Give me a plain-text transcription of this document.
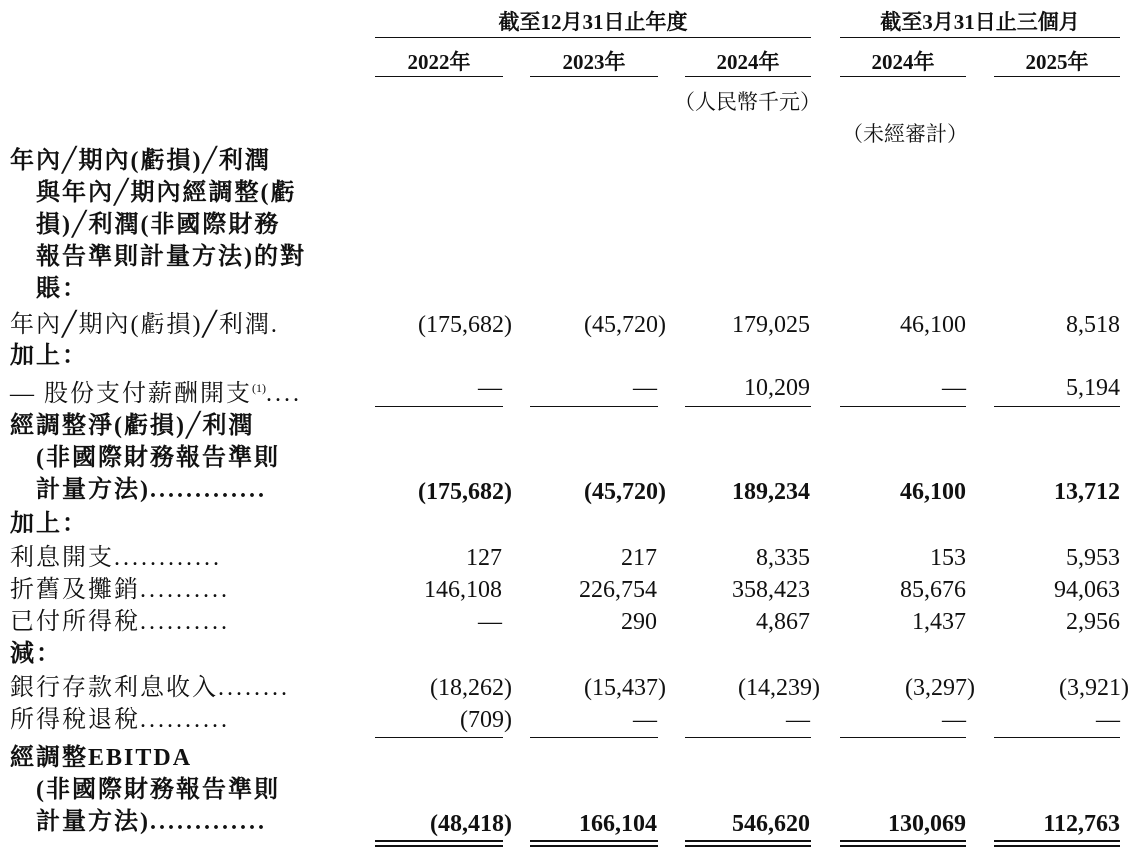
截至12月31日止年度	截至3月31日止三個月
2022年	2023年	2024年	2024年	2025年
（人民幣千元）
（未經審計）
年內╱期內(虧損)╱利潤
　與年內╱期內經調整(虧
　損)╱利潤(非國際財務
　報告準則計量方法)的對
　賬：
年內╱期內(虧損)╱利潤.	(175,682)	(45,720)	179,025	46,100	8,518
加上：
— 股份支付薪酬開支$^{(1)}$....	—	—	10,209	—	5,194
經調整淨(虧損)╱利潤
　(非國際財務報告準則
　計量方法).............	(175,682)	(45,720)	189,234	46,100	13,712
加上：
利息開支............	127	217	8,335	153	5,953
折舊及攤銷..........	146,108	226,754	358,423	85,676	94,063
已付所得稅..........	—	290	4,867	1,437	2,956
減：
銀行存款利息收入........	(18,262)	(15,437)	(14,239)	(3,297)	(3,921)
所得稅退稅..........	(709)	—	—	—	—
經調整EBITDA
　(非國際財務報告準則
　計量方法).............	(48,418)	166,104	546,620	130,069	112,763
